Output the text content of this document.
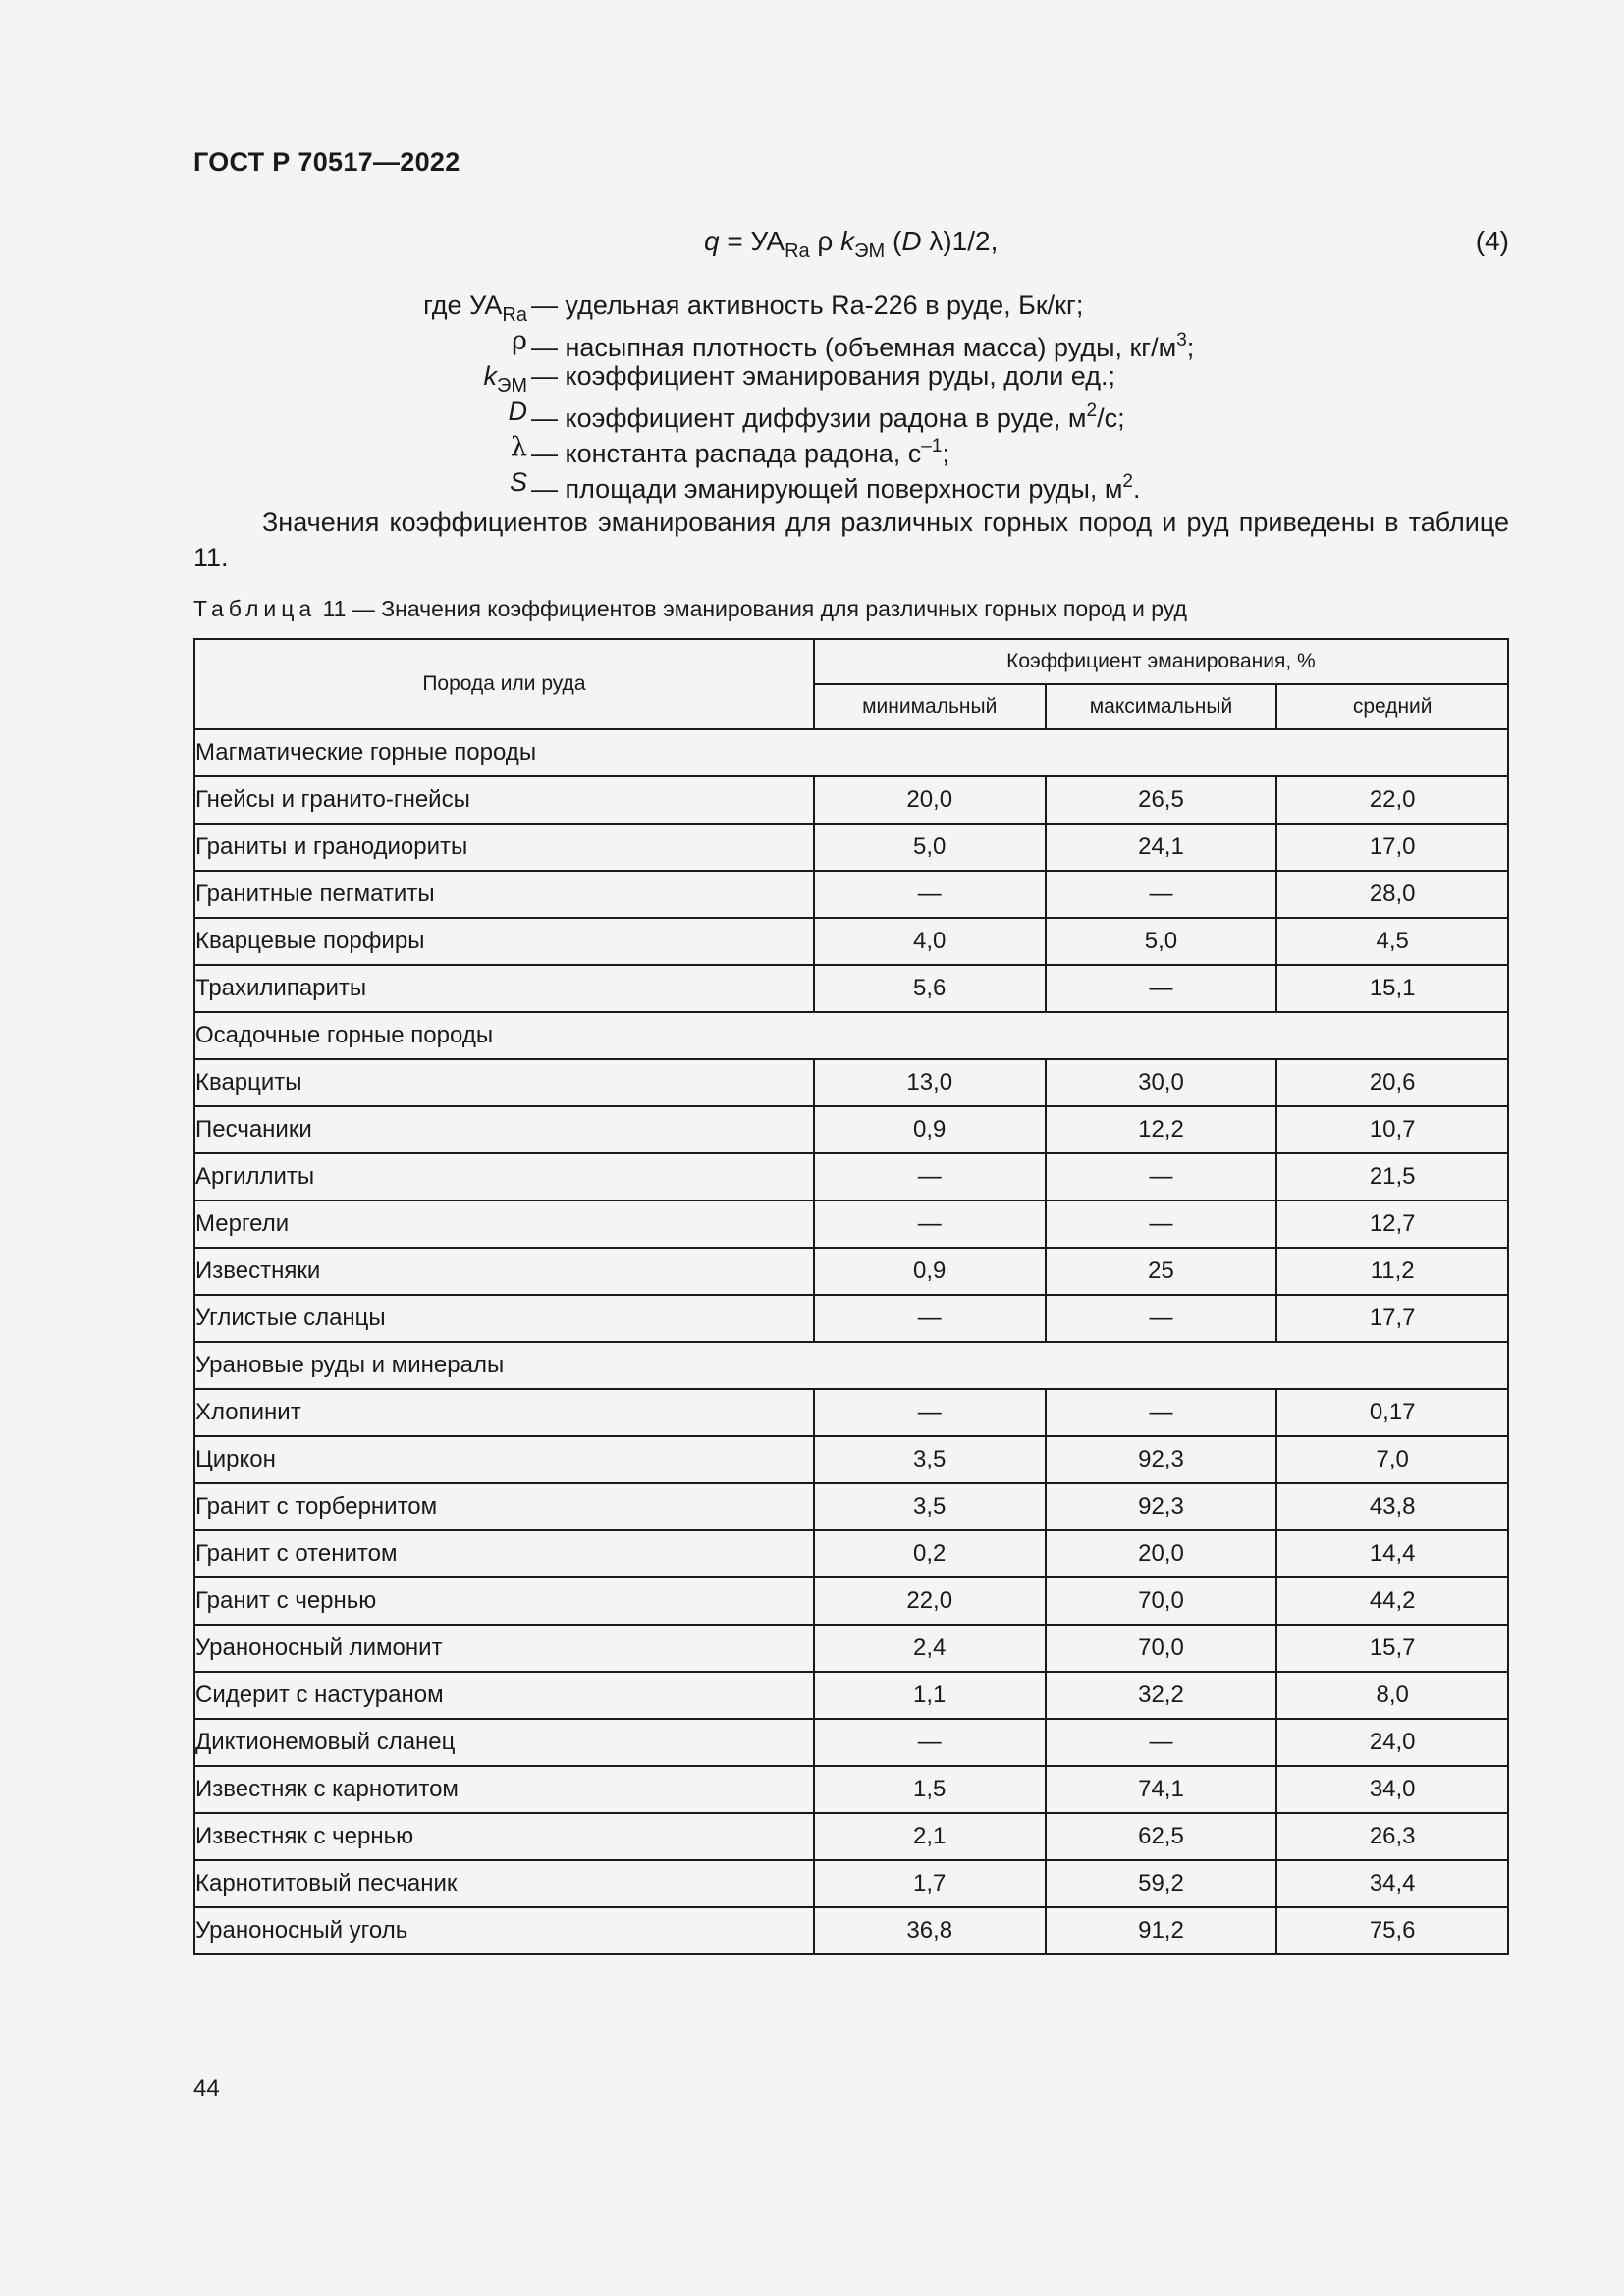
ГОСТ Р 70517—2022
$q = УА_{Ra}$ ρ $k_{ЭМ}$ (D λ)1/2,	(4)
где $УА_{Ra}$ — удельная активность Ra-226 в руде, Бк/кг;
ρ — насыпная плотность (объемная масса) руды, $кг/м^3$;
$k_{ЭМ}$ — коэффициент эманирования руды, доли ед.;
D — коэффициент диффузии радона в руде, $м^2/с$;
λ — константа распада радона, $с^{-1}$;
S — площади эманирующей поверхности руды, $м^2$.
Значения коэффициентов эманирования для различных горных пород и руд приведены в таблице 11.
Таблица 11 — Значения коэффициентов эманирования для различных горных пород и руд
Порода или руда	Коэффициент эманирования, %		
	минимальный	максимальный	средний
Магматические горные породы			
Гнейсы и гранито-гнейсы	20,0	26,5	22,0
Граниты и гранодиориты	5,0	24,1	17,0
Гранитные пегматиты	—	—	28,0
Кварцевые порфиры	4,0	5,0	4,5
Трахилипариты	5,6	—	15,1
Осадочные горные породы			
Кварциты	13,0	30,0	20,6
Песчаники	0,9	12,2	10,7
Аргиллиты	—	—	21,5
Мергели	—	—	12,7
Известняки	0,9	25	11,2
Углистые сланцы	—	—	17,7
Урановые руды и минералы			
Хлопинит	—	—	0,17
Циркон	3,5	92,3	7,0
Гранит с торбернитом	3,5	92,3	43,8
Гранит с отенитом	0,2	20,0	14,4
Гранит с чернью	22,0	70,0	44,2
Ураноносный лимонит	2,4	70,0	15,7
Сидерит с настураном	1,1	32,2	8,0
Диктионемовый сланец	—	—	24,0
Известняк с карнотитом	1,5	74,1	34,0
Известняк с чернью	2,1	62,5	26,3
Карнотитовый песчаник	1,7	59,2	34,4
Ураноносный уголь	36,8	91,2	75,6
44
